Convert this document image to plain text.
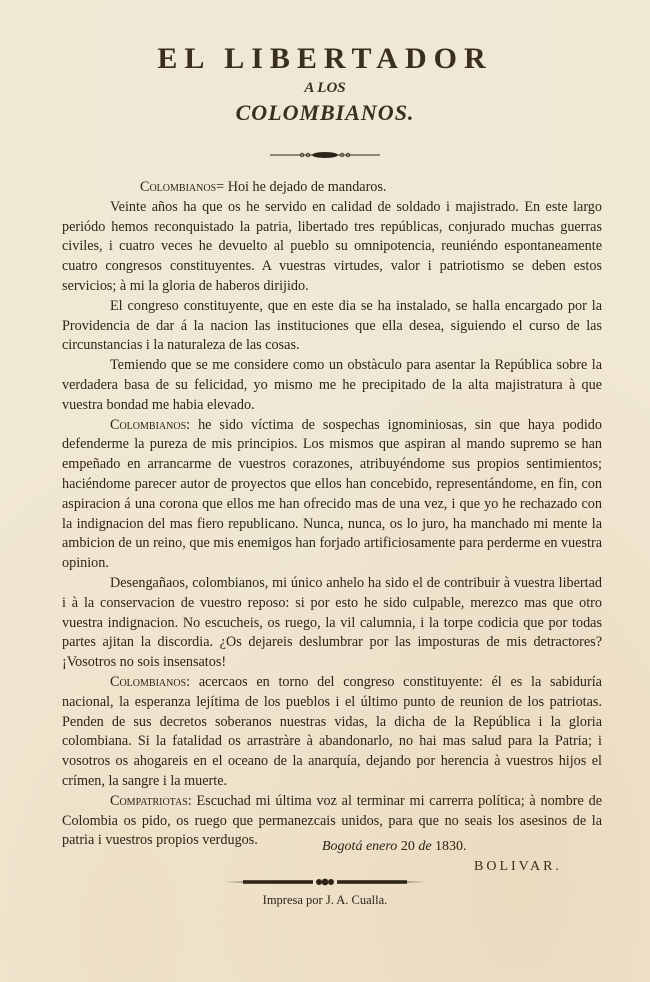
EL LIBERTADOR
A LOS
COLOMBIANOS.

Colombianos= Hoi he dejado de mandaros.

Veinte años ha que os he servido en calidad de soldado i majistrado. En este largo periódo hemos reconquistado la patria, libertado tres repúblicas, conjurado muchas guerras civiles, i cuatro veces he devuelto al pueblo su omnipotencia, reuniéndo espontaneamente cuatro congresos constituyentes. A vuestras virtudes, valor i patriotismo se deben estos servicios; à mi la gloria de haberos dirijido.

El congreso constituyente, que en este dia se ha instalado, se halla encargado por la Providencia de dar á la nacion las instituciones que ella desea, siguiendo el curso de las circunstancias i la naturaleza de las cosas.

Temiendo que se me considere como un obstàculo para asentar la República sobre la verdadera basa de su felicidad, yo mismo me he precipitado de la alta majistratura à que vuestra bondad me habia elevado.

Colombianos: he sido víctima de sospechas ignominiosas, sin que haya podido defenderme la pureza de mis principios. Los mismos que aspiran al mando supremo se han empeñado en arrancarme de vuestros corazones, atribuyéndome sus propios sentimientos; haciéndome parecer autor de proyectos que ellos han concebido, representándome, en fin, con aspiracion á una corona que ellos me han ofrecido mas de una vez, i que yo he rechazado con la indignacion del mas fiero republicano. Nunca, nunca, os lo juro, ha manchado mi mente la ambicion de un reino, que mis enemigos han forjado artificiosamente para perderme en vuestra opinion.

Desengañaos, colombianos, mi único anhelo ha sido el de contribuir à vuestra libertad i à la conservacion de vuestro reposo: si por esto he sido culpable, merezco mas que otro vuestra indignacion. No escucheis, os ruego, la vil calumnia, i la torpe codicia que por todas partes ajitan la discordia. ¿Os dejareis deslumbrar por las imposturas de mis detractores? ¡Vosotros no sois insensatos!

Colombianos: acercaos en torno del congreso constituyente: él es la sabiduría nacional, la esperanza lejítima de los pueblos i el último punto de reunion de los patriotas. Penden de sus decretos soberanos nuestras vidas, la dicha de la República i la gloria colombiana. Si la fatalidad os arrastràre à abandonarlo, no hai mas salud para la Patria; i vosotros os ahogareis en el oceano de la anarquía, dejando por herencia à vuestros hijos el crímen, la sangre i la muerte.

Compatriotas: Escuchad mi última voz al terminar mi carrerra política; à nombre de Colombia os pido, os ruego que permanezcais unidos, para que no seais los asesinos de la patria i vuestros propios verdugos.	Bogotá enero 20 de 1830.
BOLIVAR.
Impresa por J. A. Cualla.
